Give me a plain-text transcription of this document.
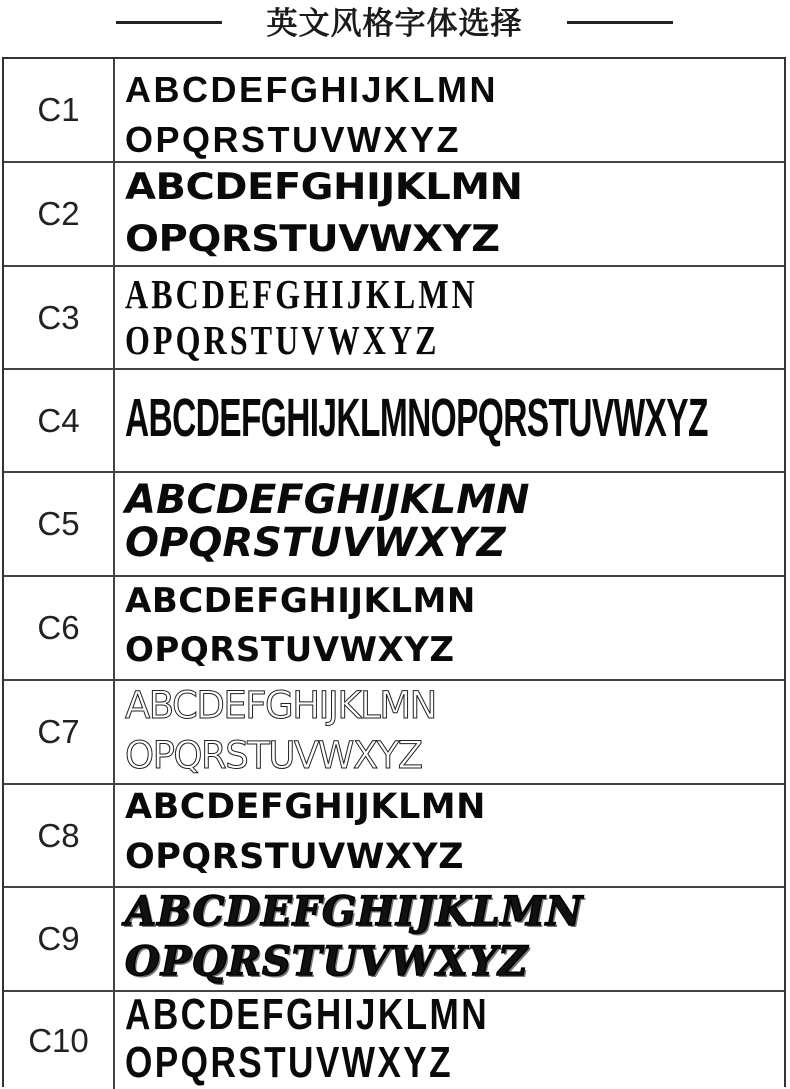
英文风格字体选择
C1	ABCDEFGHIJKLMN
OPQRSTUVWXYZ
C2
ABCDEFGHIJKLMN
OPQRSTUVWXYZ
C3	ABCDEFGHIJKLMN
OPQRSTUVWXYZ
C4 ABCDEFGHIJKLMNOPQRSTUVWXYZ
C5
ABCDEFGHIJKLMN
OPQRSTUVWXYZ
C6
ABCDEFGHIJKLMN
OPQRSTUVWXYZ
C7
ABCDEFGHIJKLMN
OPQRSTUVWXYZ
C8
ABCDEFGHIJKLMN
OPQRSTUVWXYZ
C9
ABCDEFGHIJKLMN
OPQRSTUVWXYZ
C10
ABCDEFGHIJKLMN
OPQRSTUVWXYZ
